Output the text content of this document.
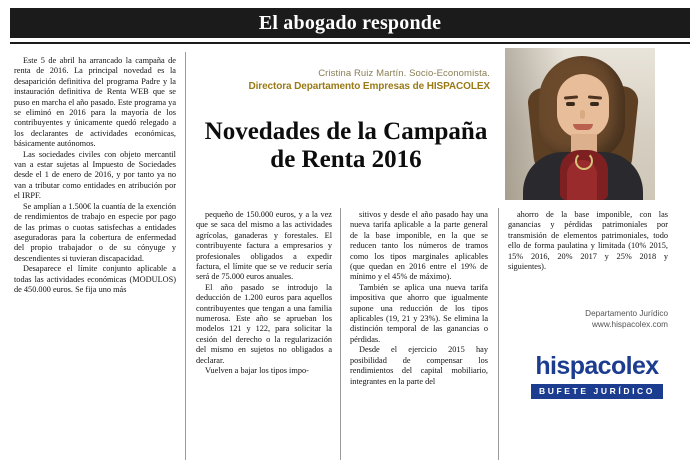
El abogado responde

Este 5 de abril ha arrancado la campaña de renta de 2016. La principal novedad es la desaparición definitiva del programa Padre y la instauración definitiva de Renta WEB que se puso en marcha el año pasado. Este programa ya se eliminó en 2016 para la mayoría de los contribuyentes y únicamente quedó relegado a los declarantes de actividades económicas, básicamente autónomos.

Las sociedades civiles con objeto mercantil van a estar sujetas al Impuesto de Sociedades desde el 1 de enero de 2016, y por tanto ya no van a tributar como entidades en atribución por el IRPF.

Se amplían a 1.500€ la cuantía de la exención de rendimientos de trabajo en especie por pago de las primas o cuotas satisfechas a entidades aseguradoras para la cobertura de enfermedad del propio trabajador o de su cónyuge y descendientes si tuvieran discapacidad.

Desaparece el límite conjunto aplicable a todas las actividades económicas (MODULOS) de 450.000 euros. Se fija uno más

Cristina Ruiz Martín. Socio-Economista.
Directora Departamento Empresas de HISPACOLEX
Novedades de la Campaña
de Renta 2016

pequeño de 150.000 euros, y a la vez que se saca del mismo a las actividades agrícolas, ganaderas y forestales. El contribuyente factura a empresarios y profesionales obligados a expedir factura, el límite que se ve reducir sería será de 75.000 euros anuales.

El año pasado se introdujo la deducción de 1.200 euros para aquellos contribuyentes que tengan a una familia numerosa. Este año se aprueban los modelos 121 y 122, para solicitar la cesión del derecho o la regularización del mismo en sujetos no obligados a declarar.

Vuelven a bajar los tipos impo-

sitivos y desde el año pasado hay una nueva tarifa aplicable a la parte general de la base imponible, en la que se reducen tanto los números de tramos como los tipos marginales aplicables (que quedan en 2016 entre el 19% de mínimo y el 45% de máximo).

También se aplica una nueva tarifa impositiva que ahorro que igualmente supone una reducción de los tipos aplicables (19, 21 y 23%). Se elimina la distinción temporal de las ganancias o pérdidas.

Desde el ejercicio 2015 hay posibilidad de compensar los rendimientos del capital mobiliario, integrantes en la parte del

ahorro de la base imponible, con las ganancias y pérdidas patrimoniales por transmisión de elementos patrimoniales, todo ello de forma paulatina y limitada (10% 2015, 15% 2016, 20% 2017 y 25% 2018 y siguientes).

Departamento Jurídico
www.hispacolex.com
hispacolex
BUFETE JURÍDICO
